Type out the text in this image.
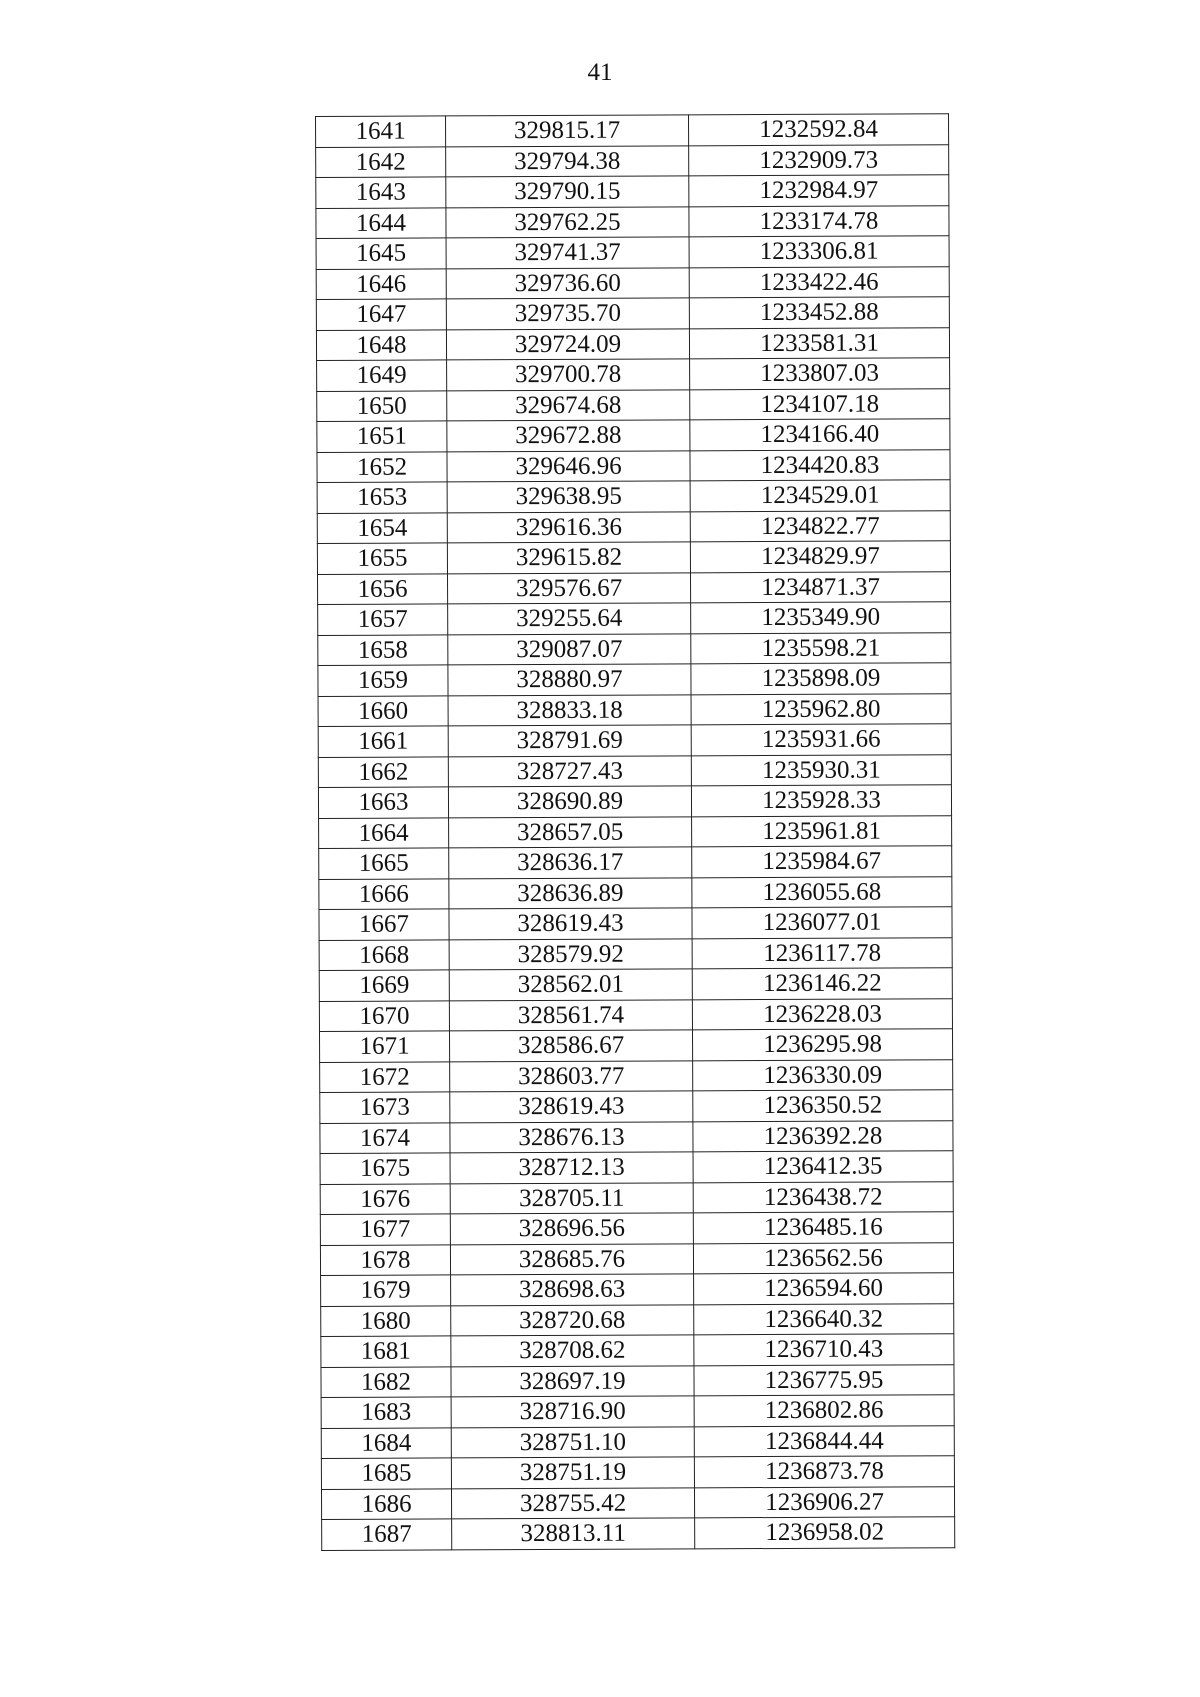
41
1641	329815.17	1232592.84
1642	329794.38	1232909.73
1643	329790.15	1232984.97
1644	329762.25	1233174.78
1645	329741.37	1233306.81
1646	329736.60	1233422.46
1647	329735.70	1233452.88
1648	329724.09	1233581.31
1649	329700.78	1233807.03
1650	329674.68	1234107.18
1651	329672.88	1234166.40
1652	329646.96	1234420.83
1653	329638.95	1234529.01
1654	329616.36	1234822.77
1655	329615.82	1234829.97
1656	329576.67	1234871.37
1657	329255.64	1235349.90
1658	329087.07	1235598.21
1659	328880.97	1235898.09
1660	328833.18	1235962.80
1661	328791.69	1235931.66
1662	328727.43	1235930.31
1663	328690.89	1235928.33
1664	328657.05	1235961.81
1665	328636.17	1235984.67
1666	328636.89	1236055.68
1667	328619.43	1236077.01
1668	328579.92	1236117.78
1669	328562.01	1236146.22
1670	328561.74	1236228.03
1671	328586.67	1236295.98
1672	328603.77	1236330.09
1673	328619.43	1236350.52
1674	328676.13	1236392.28
1675	328712.13	1236412.35
1676	328705.11	1236438.72
1677	328696.56	1236485.16
1678	328685.76	1236562.56
1679	328698.63	1236594.60
1680	328720.68	1236640.32
1681	328708.62	1236710.43
1682	328697.19	1236775.95
1683	328716.90	1236802.86
1684	328751.10	1236844.44
1685	328751.19	1236873.78
1686	328755.42	1236906.27
1687	328813.11	1236958.02
